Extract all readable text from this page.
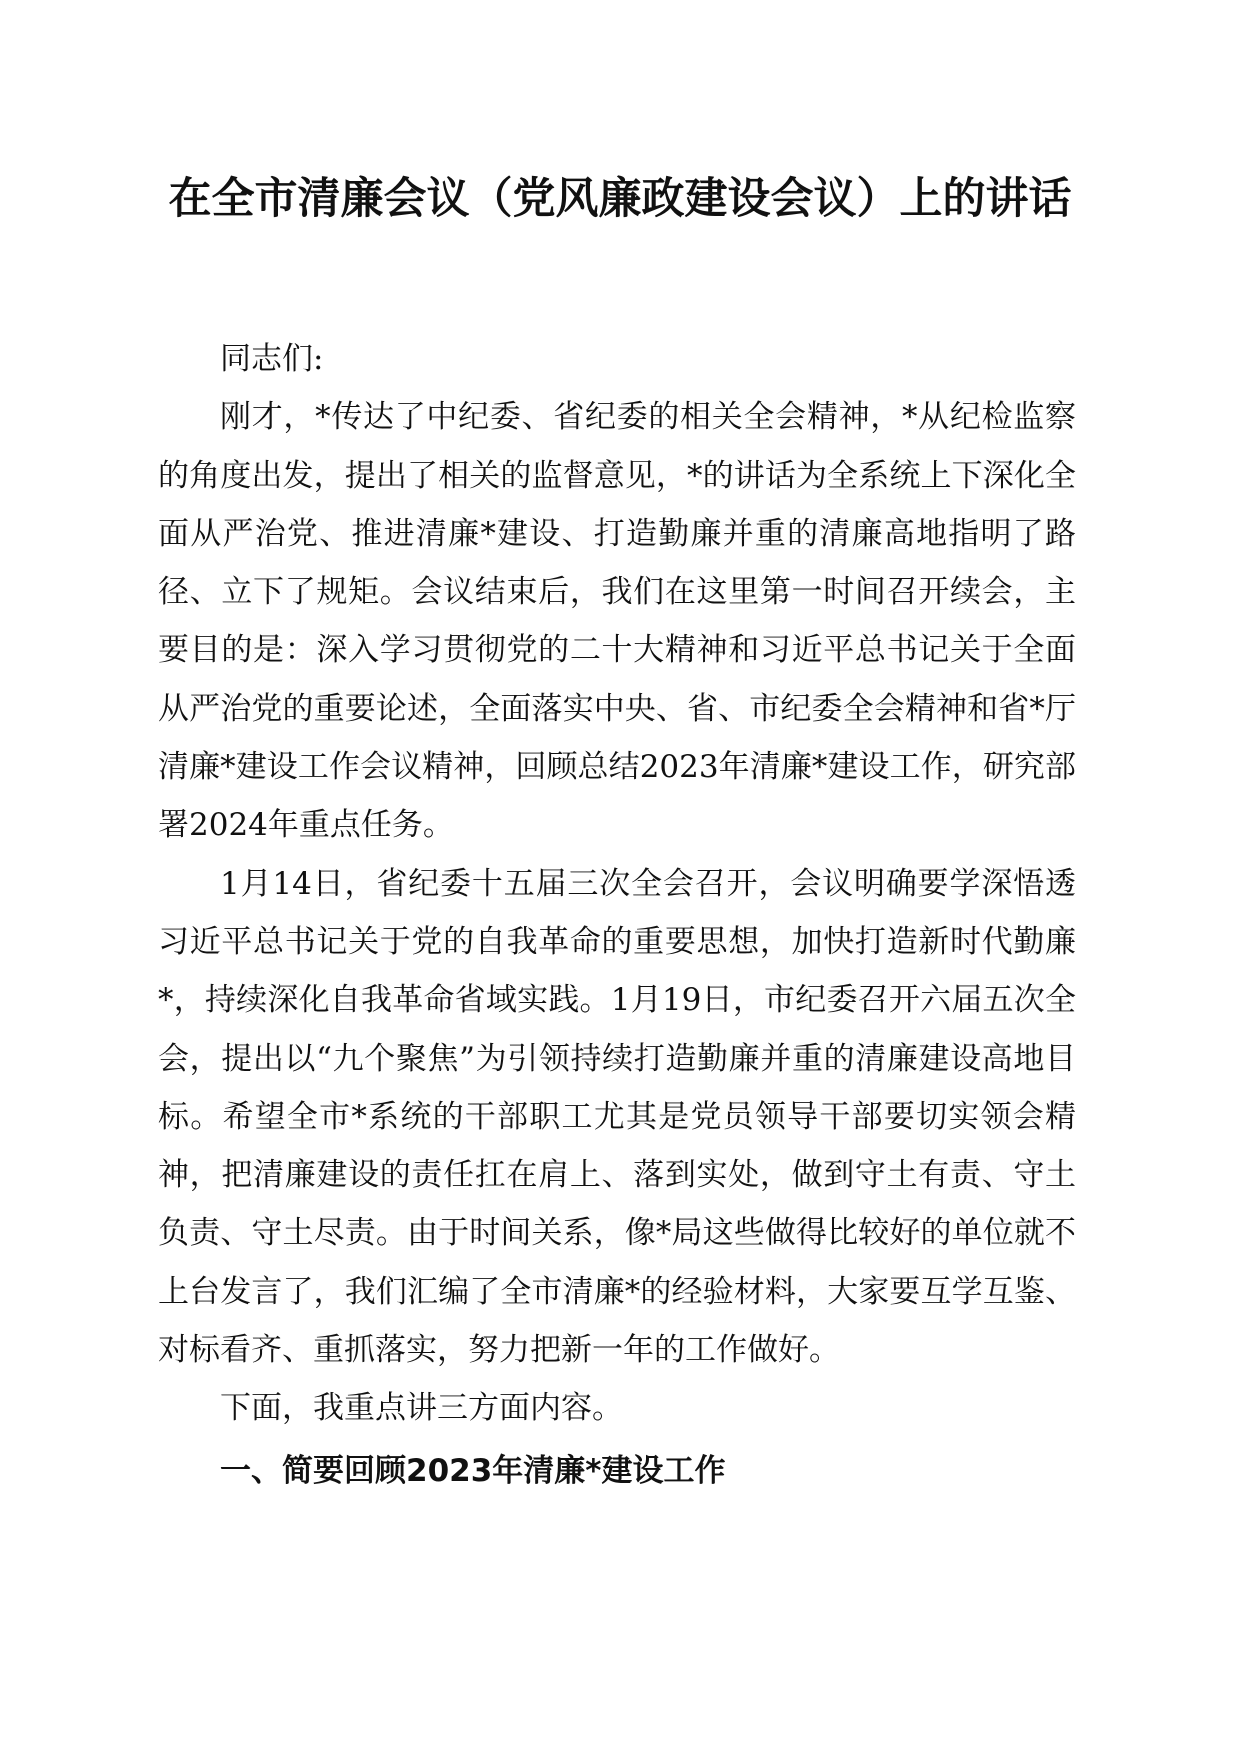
在全市清廉会议（党风廉政建设会议）上的讲话

同志们:

刚才，*传达了中纪委、省纪委的相关全会精神，*从纪检监察的角度出发，提出了相关的监督意见，*的讲话为全系统上下深化全面从严治党、推进清廉*建设、打造勤廉并重的清廉高地指明了路径、立下了规矩。会议结束后，我们在这里第一时间召开续会，主要目的是：深入学习贯彻党的二十大精神和习近平总书记关于全面从严治党的重要论述，全面落实中央、省、市纪委全会精神和省*厅清廉*建设工作会议精神，回顾总结2023年清廉*建设工作，研究部署2024年重点任务。

1月14日，省纪委十五届三次全会召开，会议明确要学深悟透习近平总书记关于党的自我革命的重要思想，加快打造新时代勤廉*，持续深化自我革命省域实践。1月19日，市纪委召开六届五次全会，提出以“九个聚焦”为引领持续打造勤廉并重的清廉建设高地目标。希望全市*系统的干部职工尤其是党员领导干部要切实领会精神，把清廉建设的责任扛在肩上、落到实处，做到守土有责、守土负责、守土尽责。由于时间关系，像*局这些做得比较好的单位就不上台发言了，我们汇编了全市清廉*的经验材料，大家要互学互鉴、对标看齐、重抓落实，努力把新一年的工作做好。

下面，我重点讲三方面内容。

一、简要回顾2023年清廉*建设工作
